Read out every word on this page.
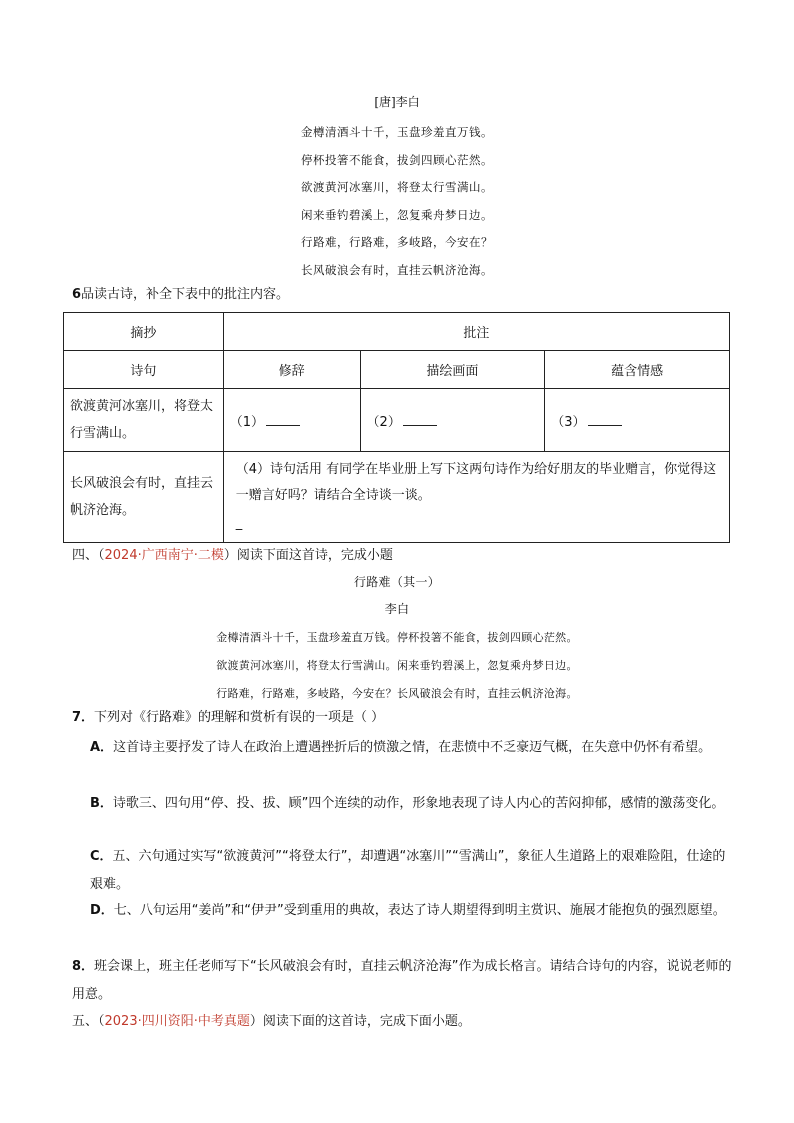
[唐]李白
金樽清酒斗十千，玉盘珍羞直万钱。
停杯投箸不能食，拔剑四顾心茫然。
欲渡黄河冰塞川，将登太行雪满山。
闲来垂钓碧溪上，忽复乘舟梦日边。
行路难，行路难，多岐路，今安在？
长风破浪会有时，直挂云帆济沧海。
6品读古诗，补全下表中的批注内容。
摘抄	批注		
诗句	修辞	描绘画面	蕴含情感
欲渡黄河冰塞川，将登太行雪满山。	（1）	（2）	（3）
长风破浪会有时，直挂云帆济沧海。	（4）诗句活用 有同学在毕业册上写下这两句诗作为给好朋友的毕业赠言，你觉得这一赠言好吗？请结合全诗谈一谈。
_		
四、（2024·广西南宁·二模）阅读下面这首诗，完成小题
行路难（其一）
李白
金樽清酒斗十千，玉盘珍羞直万钱。停杯投箸不能食，拔剑四顾心茫然。
欲渡黄河冰塞川，将登太行雪满山。闲来垂钓碧溪上，忽复乘舟梦日边。
行路难，行路难，多岐路，今安在？长风破浪会有时，直挂云帆济沧海。
7．下列对《行路难》的理解和赏析有误的一项是（ ）
A．这首诗主要抒发了诗人在政治上遭遇挫折后的愤激之情，在悲愤中不乏豪迈气概，在失意中仍怀有希望。
B．诗歌三、四句用“停、投、拔、顾”四个连续的动作，形象地表现了诗人内心的苦闷抑郁，感情的激荡变化。
C．五、六句通过实写“欲渡黄河”“将登太行”，却遭遇“冰塞川”“雪满山”，象征人生道路上的艰难险阻，仕途的艰难。
D．七、八句运用“姜尚”和“伊尹”受到重用的典故，表达了诗人期望得到明主赏识、施展才能抱负的强烈愿望。
8．班会课上，班主任老师写下“长风破浪会有时，直挂云帆济沧海”作为成长格言。请结合诗句的内容，说说老师的用意。
五、（2023·四川资阳·中考真题）阅读下面的这首诗，完成下面小题。
